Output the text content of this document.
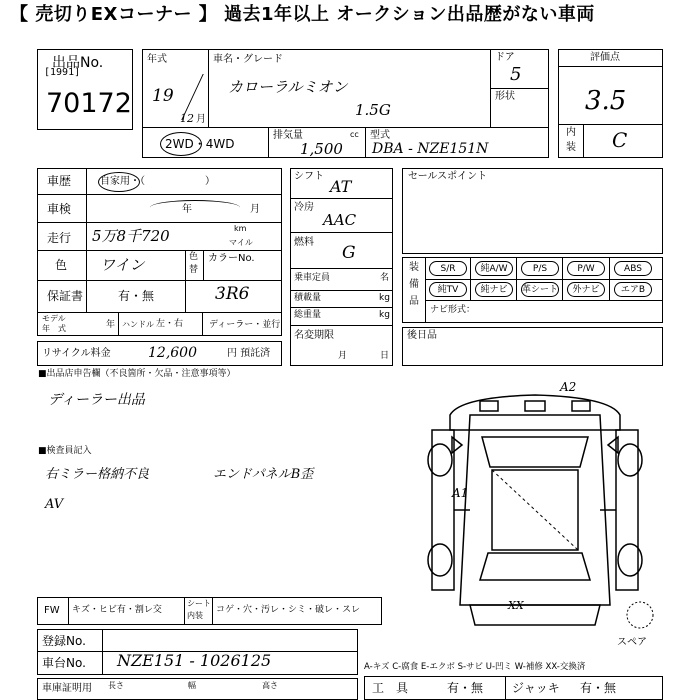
【 売切りEXコーナー 】 過去1年以上 オークション出品歴がない車両
出品No.
[1991]
70172
年式
19
12 月
車名・グレード
カローラルミオン
1.5G
ドア
5
形状
2WD・4WD
排気量	cc
1,500
型式
DBA - NZE151N
評価点
3.5
内
装 C
車歴	自家用・（　　　　　　）
車検	年	月
走行 5万8千720	km
マイル
色 ワイン	色
替
カラーNo.
保証書	有・無	3R6
モデル
年　式	年 ハンドル 左・右	ディーラー・並行
リサイクル料金	12,600	円 預託済
シフト
AT
冷房
AAC
燃料
G
乗車定員	名
積載量	kg
総重量	kg
名変期限
月	日
セールスポイント
装
備
品
S/R	純A/W	P/S	P/W	ABS
純TV	純ナビ	革シート	外ナビ	エアB
ナビ形式：
後日品
■出品店申告欄（不良箇所・欠品・注意事項等）
ディーラー出品
■検査員記入
右ミラー格納不良	エンドパネルB歪
AV
A2
A1
XX
スペア
FW キズ・ヒビ有・割レ交
シート
内装
コゲ・穴・汚レ・シミ・破レ・スレ
登録No.
車台No. NZE151 - 1026125
車庫証明用 長さ	幅	高さ
A-キズ C-腐食 E-エクボ S-サビ U-凹ミ W-補修 XX-交換済
工　具	有・無 ジャッキ 有・無
